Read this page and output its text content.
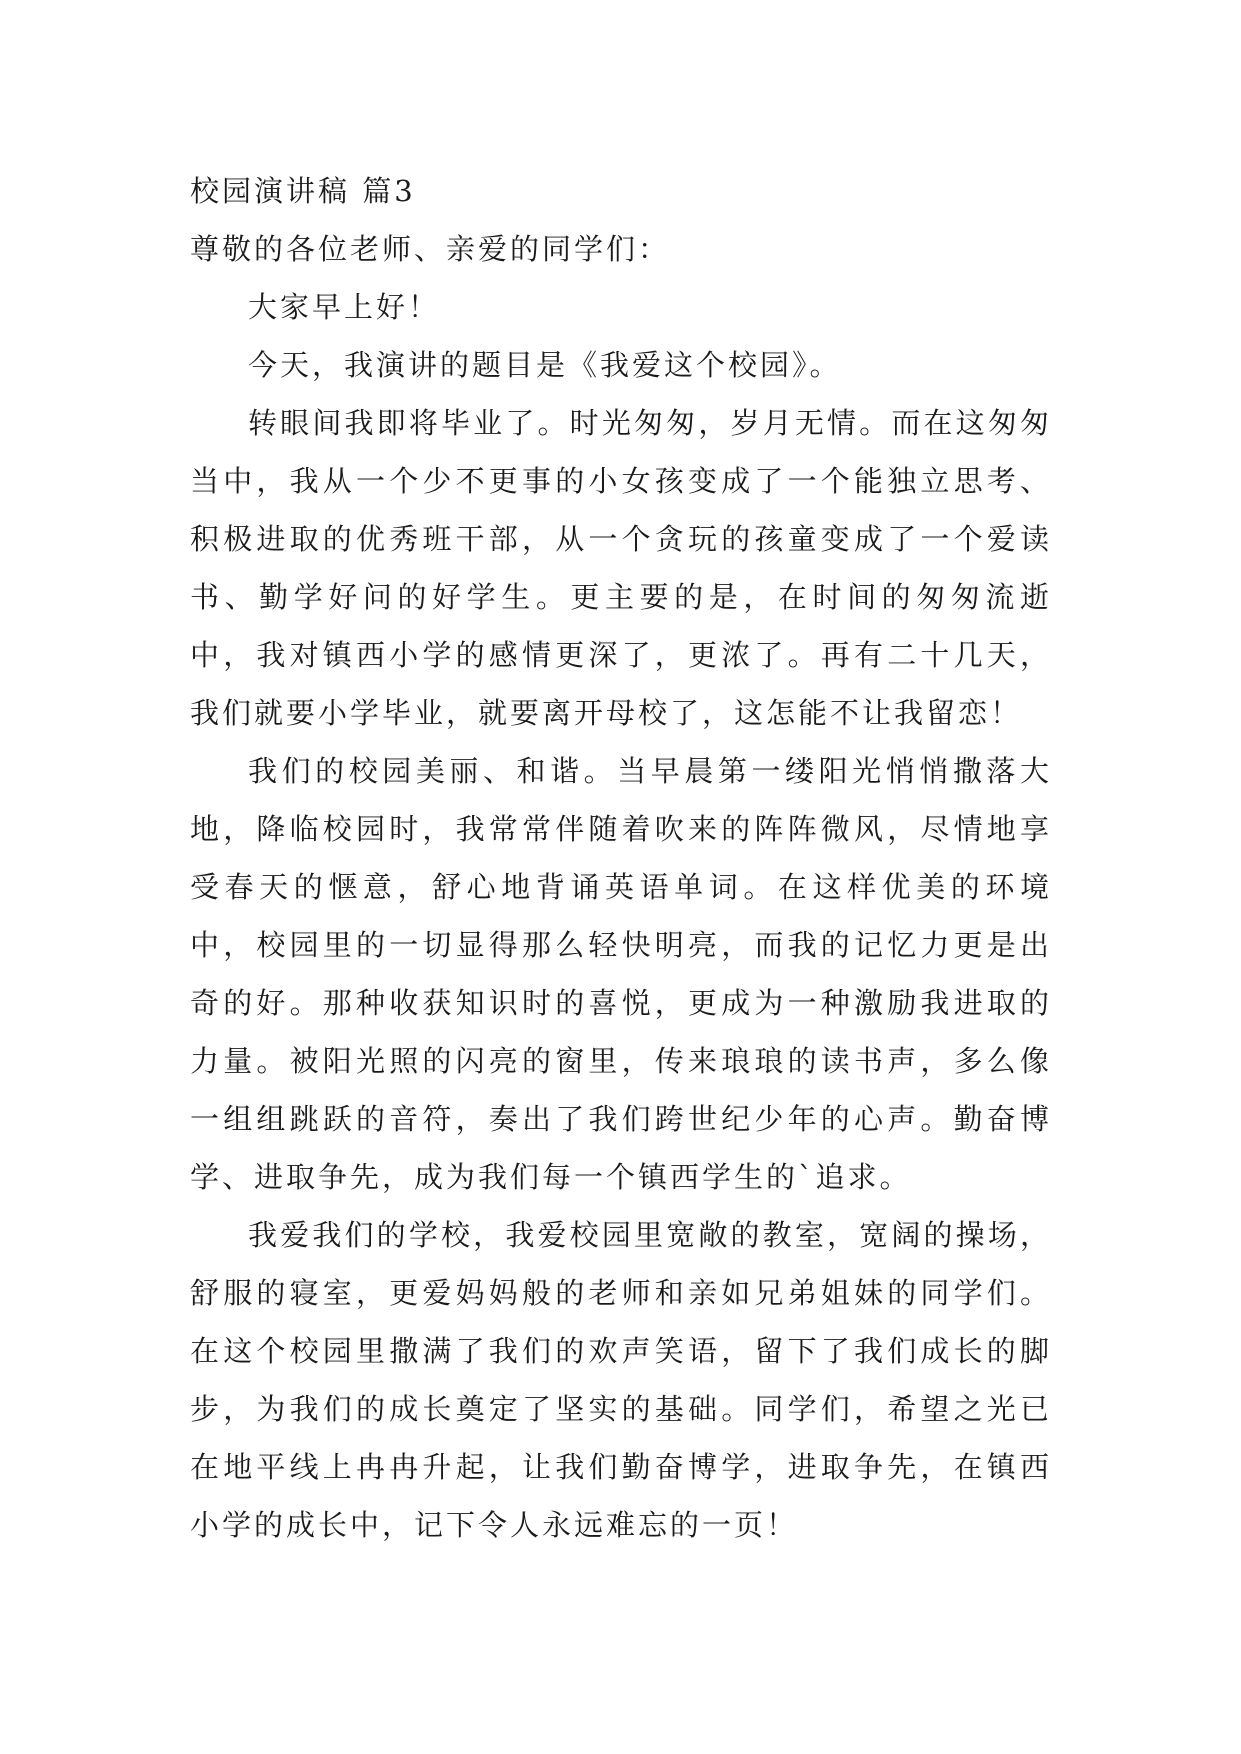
校园演讲稿 篇3

尊敬的各位老师、亲爱的同学们：

大家早上好！

今天，我演讲的题目是《我爱这个校园》。

转眼间我即将毕业了。时光匆匆，岁月无情。而在这匆匆当中，我从一个少不更事的小女孩变成了一个能独立思考、积极进取的优秀班干部，从一个贪玩的孩童变成了一个爱读书、勤学好问的好学生。更主要的是，在时间的匆匆流逝中，我对镇西小学的感情更深了，更浓了。再有二十几天，我们就要小学毕业，就要离开母校了，这怎能不让我留恋！

我们的校园美丽、和谐。当早晨第一缕阳光悄悄撒落大地，降临校园时，我常常伴随着吹来的阵阵微风，尽情地享受春天的惬意，舒心地背诵英语单词。在这样优美的环境中，校园里的一切显得那么轻快明亮，而我的记忆力更是出奇的好。那种收获知识时的喜悦，更成为一种激励我进取的力量。被阳光照的闪亮的窗里，传来琅琅的读书声，多么像一组组跳跃的音符，奏出了我们跨世纪少年的心声。勤奋博学、进取争先，成为我们每一个镇西学生的`追求。

我爱我们的学校，我爱校园里宽敞的教室，宽阔的操场，舒服的寝室，更爱妈妈般的老师和亲如兄弟姐妹的同学们。在这个校园里撒满了我们的欢声笑语，留下了我们成长的脚步，为我们的成长奠定了坚实的基础。同学们，希望之光已在地平线上冉冉升起，让我们勤奋博学，进取争先，在镇西小学的成长中，记下令人永远难忘的一页！
